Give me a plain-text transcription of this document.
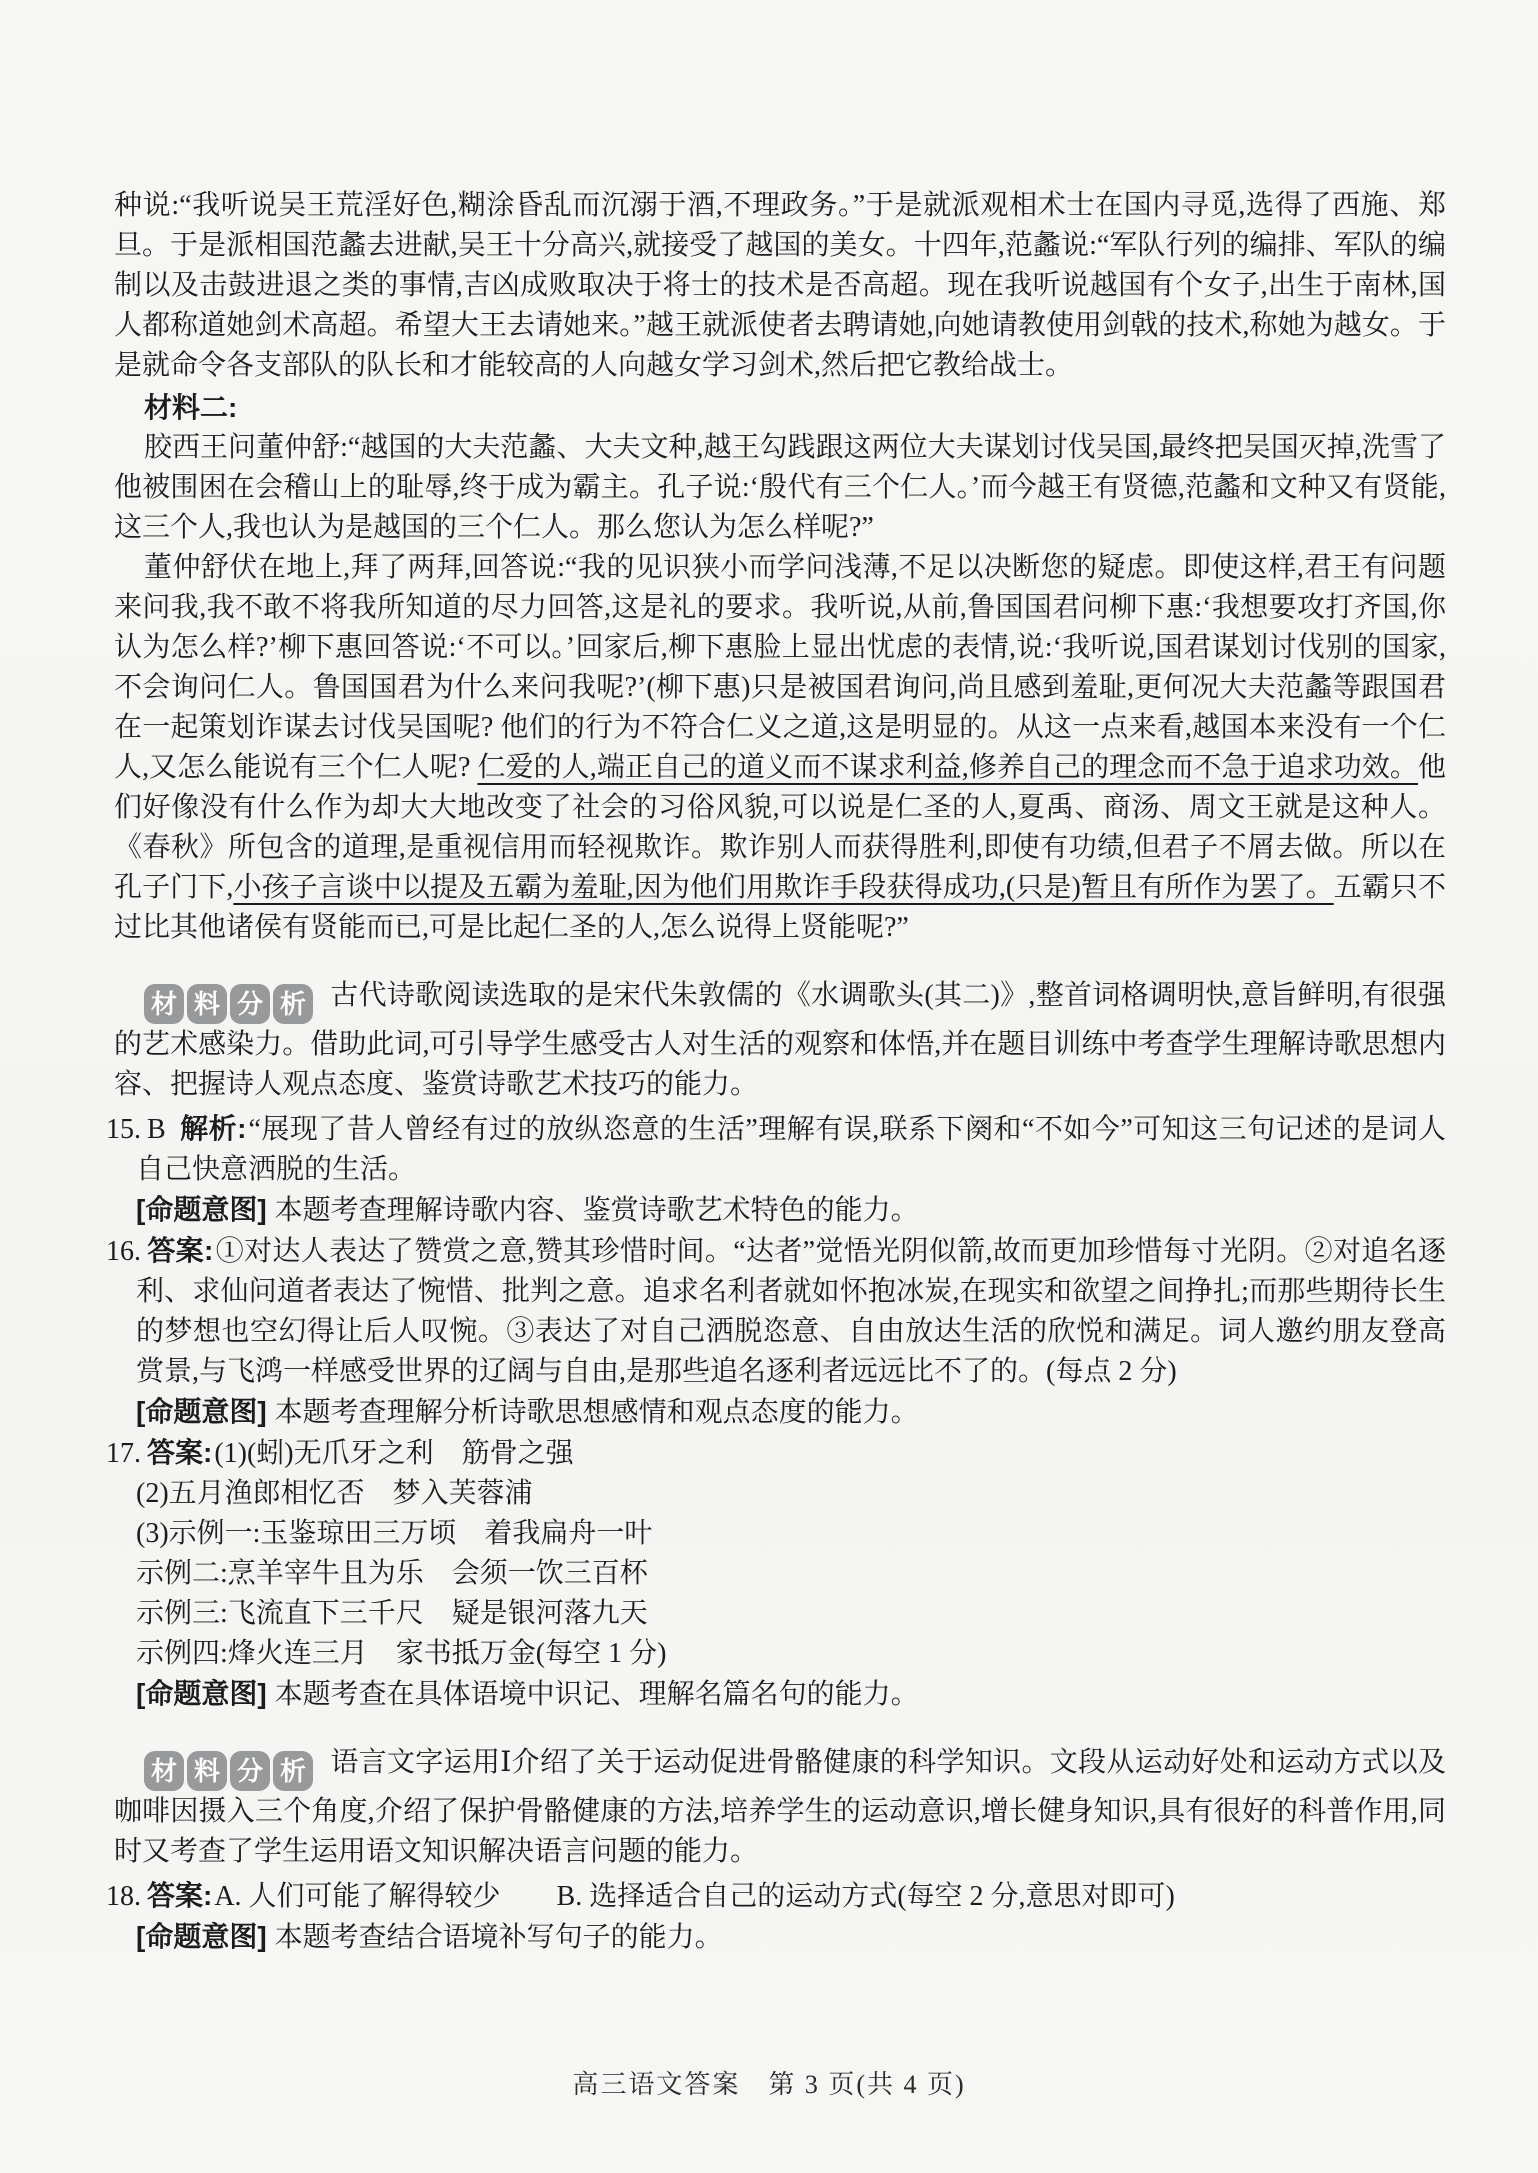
种说:“我听说吴王荒淫好色,糊涂昏乱而沉溺于酒,不理政务。”于是就派观相术士在国内寻觅,选得了西施、郑旦。于是派相国范蠡去进献,吴王十分高兴,就接受了越国的美女。十四年,范蠡说:“军队行列的编排、军队的编制以及击鼓进退之类的事情,吉凶成败取决于将士的技术是否高超。现在我听说越国有个女子,出生于南林,国人都称道她剑术高超。希望大王去请她来。”越王就派使者去聘请她,向她请教使用剑戟的技术,称她为越女。于是就命令各支部队的队长和才能较高的人向越女学习剑术,然后把它教给战士。

材料二:

胶西王问董仲舒:“越国的大夫范蠡、大夫文种,越王勾践跟这两位大夫谋划讨伐吴国,最终把吴国灭掉,洗雪了他被围困在会稽山上的耻辱,终于成为霸主。孔子说:‘殷代有三个仁人。’而今越王有贤德,范蠡和文种又有贤能,这三个人,我也认为是越国的三个仁人。那么您认为怎么样呢?”

董仲舒伏在地上,拜了两拜,回答说:“我的见识狭小而学问浅薄,不足以决断您的疑虑。即使这样,君王有问题来问我,我不敢不将我所知道的尽力回答,这是礼的要求。我听说,从前,鲁国国君问柳下惠:‘我想要攻打齐国,你认为怎么样?’柳下惠回答说:‘不可以。’回家后,柳下惠脸上显出忧虑的表情,说:‘我听说,国君谋划讨伐别的国家,不会询问仁人。鲁国国君为什么来问我呢?’(柳下惠)只是被国君询问,尚且感到羞耻,更何况大夫范蠡等跟国君在一起策划诈谋去讨伐吴国呢? 他们的行为不符合仁义之道,这是明显的。从这一点来看,越国本来没有一个仁人,又怎么能说有三个仁人呢? 仁爱的人,端正自己的道义而不谋求利益,修养自己的理念而不急于追求功效。他们好像没有什么作为却大大地改变了社会的习俗风貌,可以说是仁圣的人,夏禹、商汤、周文王就是这种人。《春秋》所包含的道理,是重视信用而轻视欺诈。欺诈别人而获得胜利,即使有功绩,但君子不屑去做。所以在孔子门下,小孩子言谈中以提及五霸为羞耻,因为他们用欺诈手段获得成功,(只是)暂且有所作为罢了。五霸只不过比其他诸侯有贤能而已,可是比起仁圣的人,怎么说得上贤能呢?”

材 料 分 析 古代诗歌阅读选取的是宋代朱敦儒的《水调歌头(其二)》,整首词格调明快,意旨鲜明,有很强的艺术感染力。借助此词,可引导学生感受古人对生活的观察和体悟,并在题目训练中考查学生理解诗歌思想内容、把握诗人观点态度、鉴赏诗歌艺术技巧的能力。
15. B 解析:“展现了昔人曾经有过的放纵恣意的生活”理解有误,联系下阕和“不如今”可知这三句记述的是词人自己快意洒脱的生活。
[命题意图] 本题考查理解诗歌内容、鉴赏诗歌艺术特色的能力。
16. 答案:①对达人表达了赞赏之意,赞其珍惜时间。“达者”觉悟光阴似箭,故而更加珍惜每寸光阴。②对追名逐利、求仙问道者表达了惋惜、批判之意。追求名利者就如怀抱冰炭,在现实和欲望之间挣扎;而那些期待长生的梦想也空幻得让后人叹惋。③表达了对自己洒脱恣意、自由放达生活的欣悦和满足。词人邀约朋友登高赏景,与飞鸿一样感受世界的辽阔与自由,是那些追名逐利者远远比不了的。(每点 2 分)
[命题意图] 本题考查理解分析诗歌思想感情和观点态度的能力。
17. 答案:(1)(蚓)无爪牙之利　筋骨之强
(2)五月渔郎相忆否　梦入芙蓉浦
(3)示例一:玉鉴琼田三万顷　着我扁舟一叶
示例二:烹羊宰牛且为乐　会须一饮三百杯
示例三:飞流直下三千尺　疑是银河落九天
示例四:烽火连三月　家书抵万金(每空 1 分)
[命题意图] 本题考查在具体语境中识记、理解名篇名句的能力。
材 料 分 析 语言文字运用Ⅰ介绍了关于运动促进骨骼健康的科学知识。文段从运动好处和运动方式以及咖啡因摄入三个角度,介绍了保护骨骼健康的方法,培养学生的运动意识,增长健身知识,具有很好的科普作用,同时又考查了学生运用语文知识解决语言问题的能力。
18. 答案:A. 人们可能了解得较少　　B. 选择适合自己的运动方式(每空 2 分,意思对即可)
[命题意图] 本题考查结合语境补写句子的能力。
高三语文答案　第 3 页(共 4 页)
